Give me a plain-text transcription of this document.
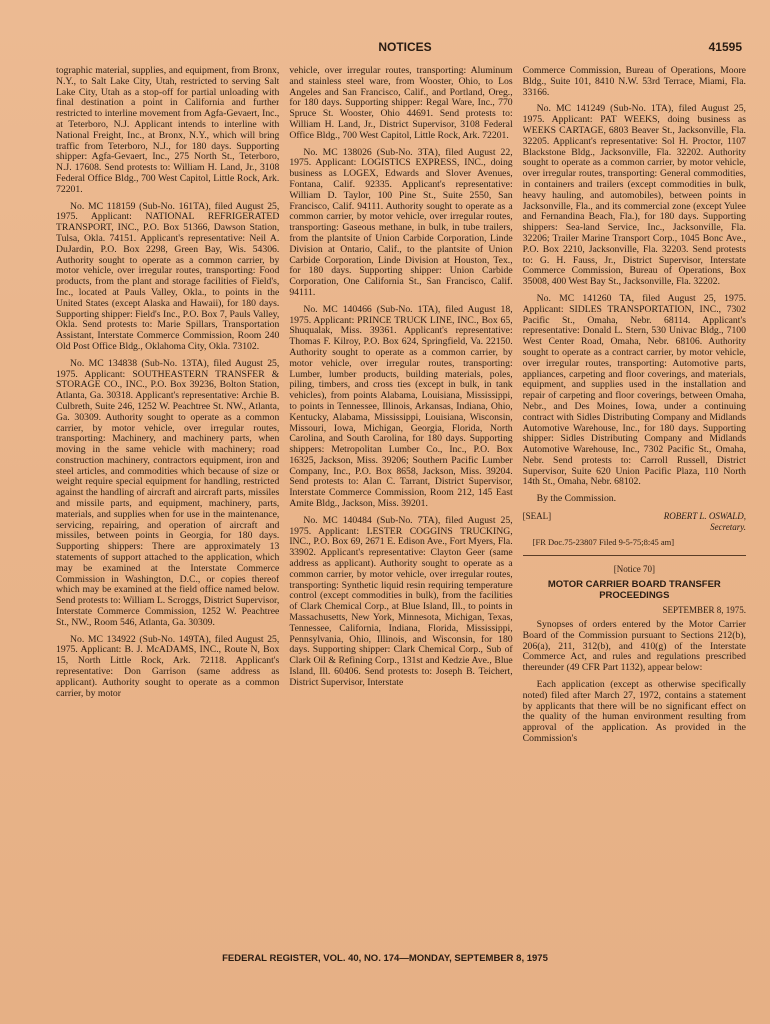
NOTICES	41595

tographic material, supplies, and equipment, from Bronx, N.Y., to Salt Lake City, Utah, restricted to serving Salt Lake City, Utah as a stop-off for partial unloading with final destination a point in California and further restricted to interline movement from Agfa-Gevaert, Inc., at Teterboro, N.J. Applicant intends to interline with National Freight, Inc., at Bronx, N.Y., which will bring traffic from Teterboro, N.J., for 180 days. Supporting shipper: Agfa-Gevaert, Inc., 275 North St., Teterboro, N.J. 17608. Send protests to: William H. Land, Jr., 3108 Federal Office Bldg., 700 West Capitol, Little Rock, Ark. 72201.

No. MC 118159 (Sub-No. 161TA), filed August 25, 1975. Applicant: NATIONAL REFRIGERATED TRANSPORT, INC., P.O. Box 51366, Dawson Station, Tulsa, Okla. 74151. Applicant's representative: Neil A. DuJardin, P.O. Box 2298, Green Bay, Wis. 54306. Authority sought to operate as a common carrier, by motor vehicle, over irregular routes, transporting: Food products, from the plant and storage facilities of Field's, Inc., located at Pauls Valley, Okla., to points in the United States (except Alaska and Hawaii), for 180 days. Supporting shipper: Field's Inc., P.O. Box 7, Pauls Valley, Okla. Send protests to: Marie Spillars, Transportation Assistant, Interstate Commerce Commission, Room 240 Old Post Office Bldg., Oklahoma City, Okla. 73102.

No. MC 134838 (Sub-No. 13TA), filed August 25, 1975. Applicant: SOUTHEASTERN TRANSFER & STORAGE CO., INC., P.O. Box 39236, Bolton Station, Atlanta, Ga. 30318. Applicant's representative: Archie B. Culbreth, Suite 246, 1252 W. Peachtree St. NW., Atlanta, Ga. 30309. Authority sought to operate as a common carrier, by motor vehicle, over irregular routes, transporting: Machinery, and machinery parts, when moving in the same vehicle with machinery; road construction machinery, contractors equipment, iron and steel articles, and commodities which because of size or weight require special equipment for handling, restricted against the handling of aircraft and aircraft parts, missiles and missile parts, and equipment, machinery, parts, materials, and supplies when for use in the maintenance, servicing, repairing, and operation of aircraft and missiles, between points in Georgia, for 180 days. Supporting shippers: There are approximately 13 statements of support attached to the application, which may be examined at the Interstate Commerce Commission in Washington, D.C., or copies thereof which may be examined at the field office named below. Send protests to: William L. Scroggs, District Supervisor, Interstate Commerce Commission, 1252 W. Peachtree St., NW., Room 546, Atlanta, Ga. 30309.

No. MC 134922 (Sub-No. 149TA), filed August 25, 1975. Applicant: B. J. McADAMS, INC., Route N, Box 15, North Little Rock, Ark. 72118. Applicant's representative: Don Garrison (same address as applicant). Authority sought to operate as a common carrier, by motor

vehicle, over irregular routes, transporting: Aluminum and stainless steel ware, from Wooster, Ohio, to Los Angeles and San Francisco, Calif., and Portland, Oreg., for 180 days. Supporting shipper: Regal Ware, Inc., 770 Spruce St. Wooster, Ohio 44691. Send protests to: William H. Land, Jr., District Supervisor, 3108 Federal Office Bldg., 700 West Capitol, Little Rock, Ark. 72201.

No. MC 138026 (Sub-No. 3TA), filed August 22, 1975. Applicant: LOGISTICS EXPRESS, INC., doing business as LOGEX, Edwards and Slover Avenues, Fontana, Calif. 92335. Applicant's representative: William D. Taylor, 100 Pine St., Suite 2550, San Francisco, Calif. 94111. Authority sought to operate as a common carrier, by motor vehicle, over irregular routes, transporting: Gaseous methane, in bulk, in tube trailers, from the plantsite of Union Carbide Corporation, Linde Division at Ontario, Calif., to the plantsite of Union Carbide Corporation, Linde Division at Houston, Tex., for 180 days. Supporting shipper: Union Carbide Corporation, One California St., San Francisco, Calif. 94111.

No. MC 140466 (Sub-No. 1TA), filed August 18, 1975. Applicant: PRINCE TRUCK LINE, INC., Box 65, Shuqualak, Miss. 39361. Applicant's representative: Thomas F. Kilroy, P.O. Box 624, Springfield, Va. 22150. Authority sought to operate as a common carrier, by motor vehicle, over irregular routes, transporting: Lumber, lumber products, building materials, poles, piling, timbers, and cross ties (except in bulk, in tank vehicles), from points Alabama, Louisiana, Mississippi, to points in Tennessee, Illinois, Arkansas, Indiana, Ohio, Kentucky, Alabama, Mississippi, Louisiana, Wisconsin, Missouri, Iowa, Michigan, Georgia, Florida, North Carolina, and South Carolina, for 180 days. Supporting shippers: Metropolitan Lumber Co., Inc., P.O. Box 16325, Jackson, Miss. 39206; Southern Pacific Lumber Company, Inc., P.O. Box 8658, Jackson, Miss. 39204. Send protests to: Alan C. Tarrant, District Supervisor, Interstate Commerce Commission, Room 212, 145 East Amite Bldg., Jackson, Miss. 39201.

No. MC 140484 (Sub-No. 7TA), filed August 25, 1975. Applicant: LESTER COGGINS TRUCKING, INC., P.O. Box 69, 2671 E. Edison Ave., Fort Myers, Fla. 33902. Applicant's representative: Clayton Geer (same address as applicant). Authority sought to operate as a common carrier, by motor vehicle, over irregular routes, transporting: Synthetic liquid resin requiring temperature control (except commodities in bulk), from the facilities of Clark Chemical Corp., at Blue Island, Ill., to points in Massachusetts, New York, Minnesota, Michigan, Texas, Tennessee, California, Indiana, Florida, Mississippi, Pennsylvania, Ohio, Illinois, and Wisconsin, for 180 days. Supporting shipper: Clark Chemical Corp., Sub of Clark Oil & Refining Corp., 131st and Kedzie Ave., Blue Island, Ill. 60406. Send protests to: Joseph B. Teichert, District Supervisor, Interstate

Commerce Commission, Bureau of Operations, Moore Bldg., Suite 101, 8410 N.W. 53rd Terrace, Miami, Fla. 33166.

No. MC 141249 (Sub-No. 1TA), filed August 25, 1975. Applicant: PAT WEEKS, doing business as WEEKS CARTAGE, 6803 Beaver St., Jacksonville, Fla. 32205. Applicant's representative: Sol H. Proctor, 1107 Blackstone Bldg., Jacksonville, Fla. 32202. Authority sought to operate as a common carrier, by motor vehicle, over irregular routes, transporting: General commodities, in containers and trailers (except commodities in bulk, heavy hauling, and automobiles), between points in Jacksonville, Fla., and its commercial zone (except Yulee and Fernandina Beach, Fla.), for 180 days. Supporting shippers: Sea-land Service, Inc., Jacksonville, Fla. 32206; Trailer Marine Transport Corp., 1045 Bonc Ave., P.O. Box 2210, Jacksonville, Fla. 32203. Send protests to: G. H. Fauss, Jr., District Supervisor, Interstate Commerce Commission, Bureau of Operations, Box 35008, 400 West Bay St., Jacksonville, Fla. 32202.

No. MC 141260 TA, filed August 25, 1975. Applicant: SIDLES TRANSPORTATION, INC., 7302 Pacific St., Omaha, Nebr. 68114. Applicant's representative: Donald L. Stern, 530 Univac Bldg., 7100 West Center Road, Omaha, Nebr. 68106. Authority sought to operate as a contract carrier, by motor vehicle, over irregular routes, transporting: Automotive parts, appliances, carpeting and floor coverings, and materials, equipment, and supplies used in the installation and repair of carpeting and floor coverings, between Omaha, Nebr., and Des Moines, Iowa, under a continuing contract with Sidles Distributing Company and Midlands Automotive Warehouse, Inc., for 180 days. Supporting shipper: Sidles Distributing Company and Midlands Automotive Warehouse, Inc., 7302 Pacific St., Omaha, Nebr. Send protests to: Carroll Russell, District Supervisor, Suite 620 Union Pacific Plaza, 110 North 14th St., Omaha, Nebr. 68102.

By the Commission.

[SEAL]	ROBERT L. OSWALD,
Secretary.
[FR Doc.75-23807 Filed 9-5-75;8:45 am]
[Notice 70]
MOTOR CARRIER BOARD TRANSFER PROCEEDINGS
SEPTEMBER 8, 1975.

Synopses of orders entered by the Motor Carrier Board of the Commission pursuant to Sections 212(b), 206(a), 211, 312(b), and 410(g) of the Interstate Commerce Act, and rules and regulations prescribed thereunder (49 CFR Part 1132), appear below:

Each application (except as otherwise specifically noted) filed after March 27, 1972, contains a statement by applicants that there will be no significant effect on the quality of the human environment resulting from approval of the application. As provided in the Commission's

FEDERAL REGISTER, VOL. 40, NO. 174—MONDAY, SEPTEMBER 8, 1975
